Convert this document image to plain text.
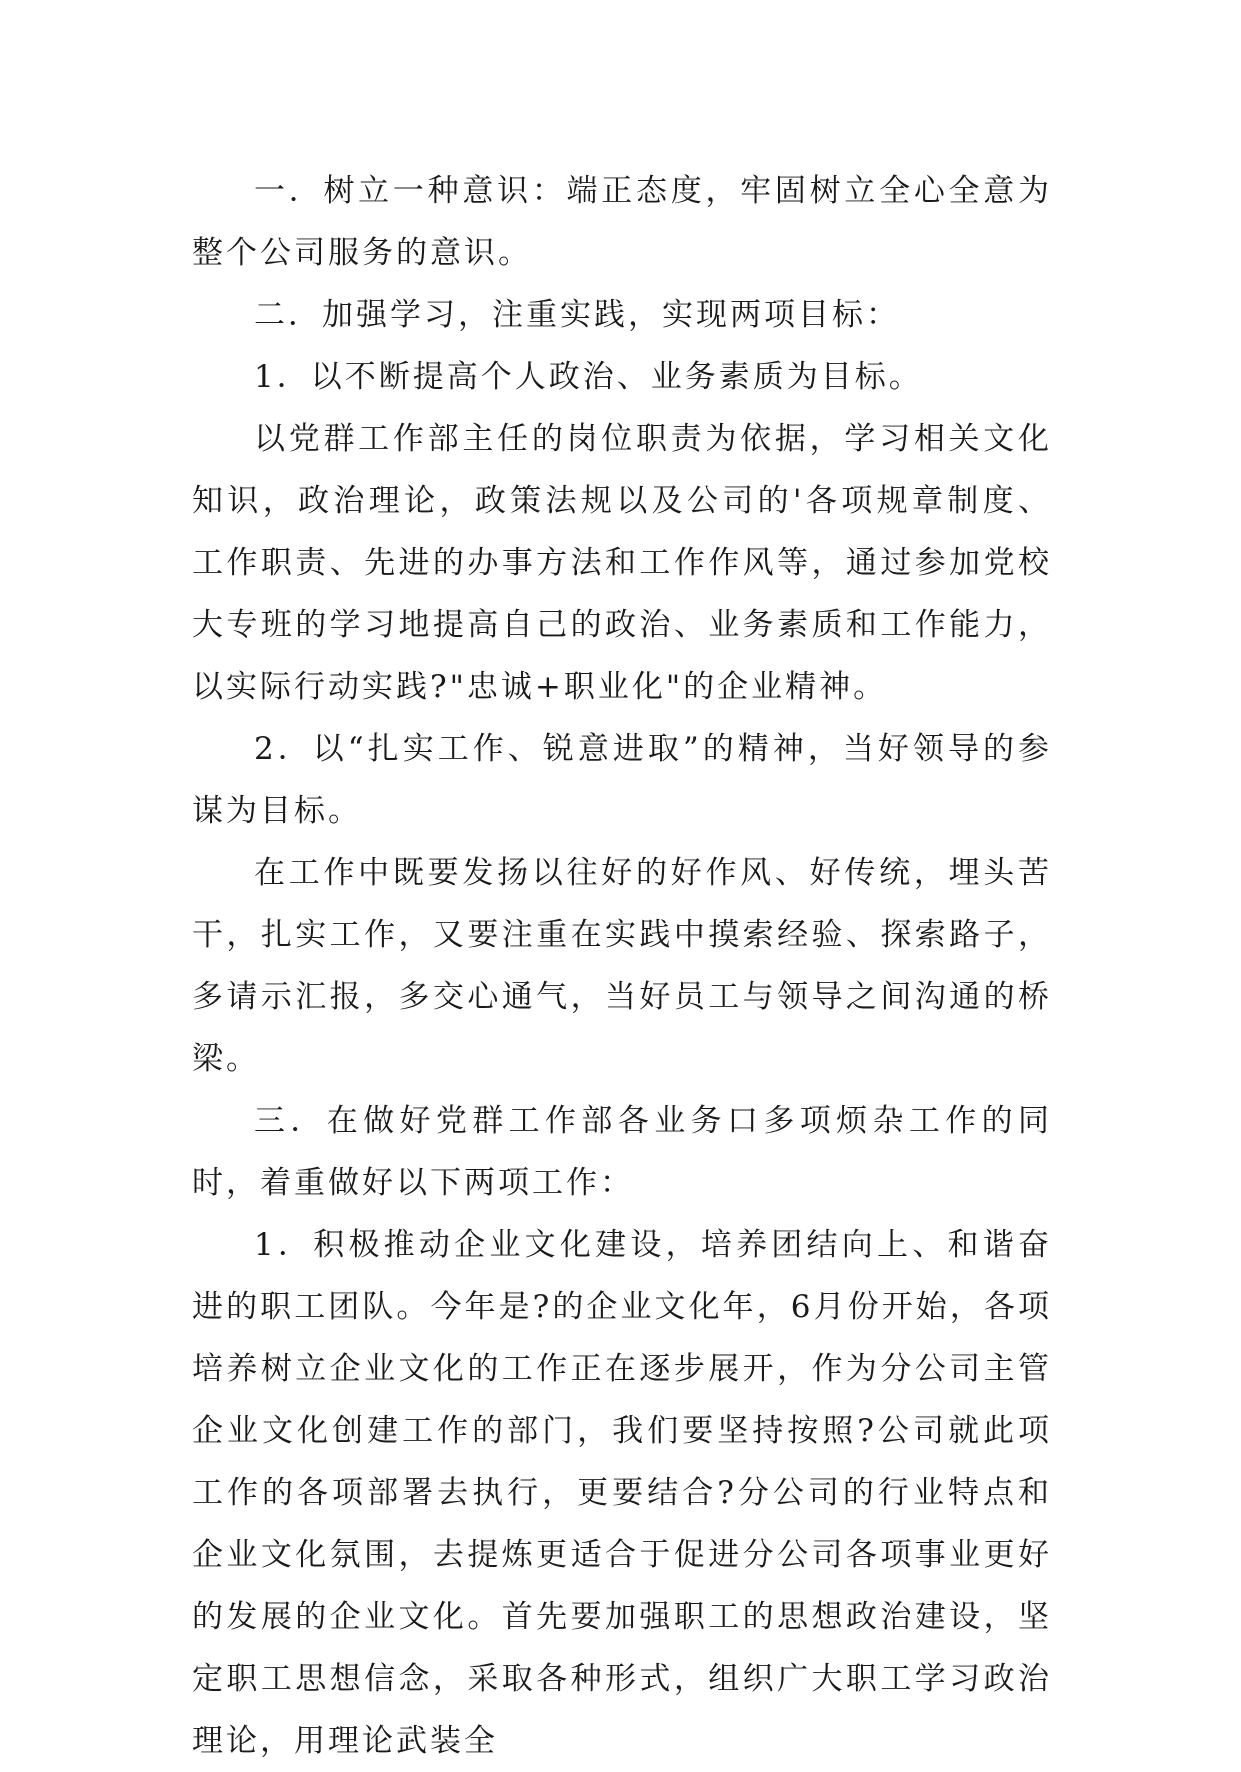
一．树立一种意识：端正态度，牢固树立全心全意为整个公司服务的意识。

二．加强学习，注重实践，实现两项目标：

1．以不断提高个人政治、业务素质为目标。

以党群工作部主任的岗位职责为依据，学习相关文化知识，政治理论，政策法规以及公司的'各项规章制度、工作职责、先进的办事方法和工作作风等，通过参加党校大专班的学习地提高自己的政治、业务素质和工作能力，以实际行动实践?"忠诚+职业化"的企业精神。

2．以“扎实工作、锐意进取”的精神，当好领导的参谋为目标。

在工作中既要发扬以往好的好作风、好传统，埋头苦干，扎实工作，又要注重在实践中摸索经验、探索路子，多请示汇报，多交心通气，当好员工与领导之间沟通的桥梁。

三．在做好党群工作部各业务口多项烦杂工作的同时，着重做好以下两项工作：

1．积极推动企业文化建设，培养团结向上、和谐奋进的职工团队。今年是?的企业文化年，6月份开始，各项培养树立企业文化的工作正在逐步展开，作为分公司主管企业文化创建工作的部门，我们要坚持按照?公司就此项工作的各项部署去执行，更要结合?分公司的行业特点和企业文化氛围，去提炼更适合于促进分公司各项事业更好的发展的企业文化。首先要加强职工的思想政治建设，坚定职工思想信念，采取各种形式，组织广大职工学习政治理论，用理论武装全
